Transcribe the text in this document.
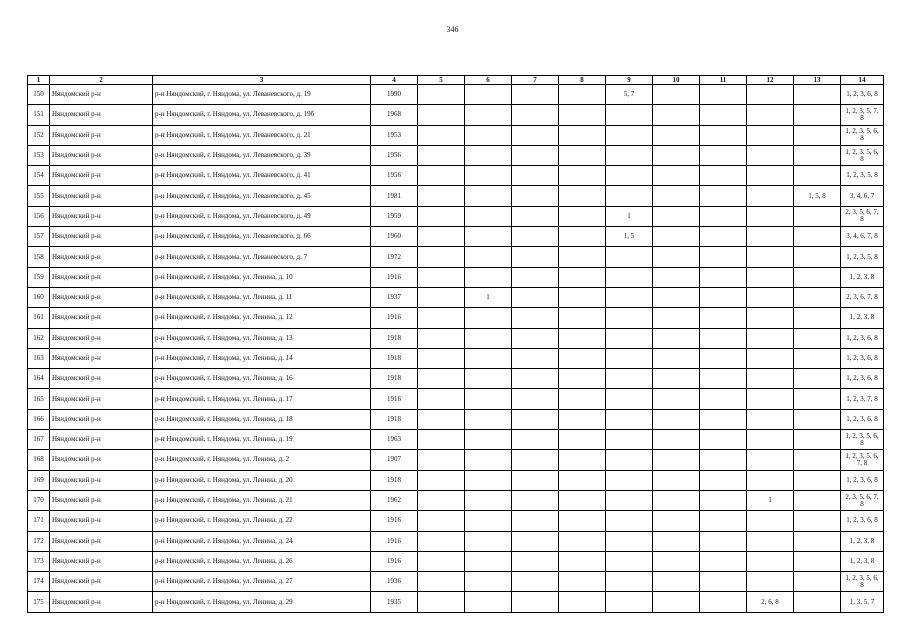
346
1	2	3	4	5	6	7	8	9	10	11	12	13	14
150	Няндомский р-н	р-н Няндомский, г. Няндома, ул. Леваневского, д. 19	1990					5, 7					1, 2, 3, 6, 8
151	Няндомский р-н	р-н Няндомский, г. Няндома, ул. Леваневского, д. 19б	1968										1, 2, 3, 5, 7, 8
152	Няндомский р-н	р-н Няндомский, г. Няндома, ул. Леваневского, д. 21	1953										1, 2, 3, 5, 6, 8
153	Няндомский р-н	р-н Няндомский, г. Няндома, ул. Леваневского, д. 39	1956										1, 2, 3, 5, 6, 8
154	Няндомский р-н	р-н Няндомский, г. Няндома, ул. Леваневского, д. 41	1956										1, 2, 3, 5, 8
155	Няндомский р-н	р-н Няндомский, г. Няндома, ул. Леваневского, д. 45	1981									1, 5, 8	3, 4, 6, 7
156	Няндомский р-н	р-н Няндомский, г. Няндома, ул. Леваневского, д. 49	1959					1					2, 3, 5, 6, 7, 8
157	Няндомский р-н	р-н Няндомский, г. Няндома, ул. Леваневского, д. 66	1960					1, 5					3, 4, 6, 7, 8
158	Няндомский р-н	р-н Няндомский, г. Няндома, ул. Леваневского, д. 7	1972										1, 2, 3, 5, 8
159	Няндомский р-н	р-н Няндомский, г. Няндома, ул. Ленина, д. 10	1916										1, 2, 3, 8
160	Няндомский р-н	р-н Няндомский, г. Няндома, ул. Ленина, д. 11	1937		1								2, 3, 6, 7, 8
161	Няндомский р-н	р-н Няндомский, г. Няндома, ул. Ленина, д. 12	1916										1, 2, 3, 8
162	Няндомский р-н	р-н Няндомский, г. Няндома, ул. Ленина, д. 13	1918										1, 2, 3, 6, 8
163	Няндомский р-н	р-н Няндомский, г. Няндома, ул. Ленина, д. 14	1918										1, 2, 3, 6, 8
164	Няндомский р-н	р-н Няндомский, г. Няндома, ул. Ленина, д. 16	1918										1, 2, 3, 6, 8
165	Няндомский р-н	р-н Няндомский, г. Няндома, ул. Ленина, д. 17	1916										1, 2, 3, 7, 8
166	Няндомский р-н	р-н Няндомский, г. Няндома, ул. Ленина, д. 18	1918										1, 2, 3, 6, 8
167	Няндомский р-н	р-н Няндомский, г. Няндома, ул. Ленина, д. 19	1963										1, 2, 3, 5, 6, 8
168	Няндомский р-н	р-н Няндомский, г. Няндома, ул. Ленина, д. 2	1907										1, 2, 3, 5, 6, 7, 8
169	Няндомский р-н	р-н Няндомский, г. Няндома, ул. Ленина, д. 20	1918										1, 2, 3, 6, 8
170	Няндомский р-н	р-н Няндомский, г. Няндома, ул. Ленина, д. 21	1962								1		2, 3, 5, 6, 7, 8
171	Няндомский р-н	р-н Няндомский, г. Няндома, ул. Ленина, д. 22	1916										1, 2, 3, 6, 8
172	Няндомский р-н	р-н Няндомский, г. Няндома, ул. Ленина, д. 24	1916										1, 2, 3, 8
173	Няндомский р-н	р-н Няндомский, г. Няндома, ул. Ленина, д. 26	1916										1, 2, 3, 8
174	Няндомский р-н	р-н Няндомский, г. Няндома, ул. Ленина, д. 27	1936										1, 2, 3, 5, 6, 8
175	Няндомский р-н	р-н Няндомский, г. Няндома, ул. Ленина, д. 29	1935								2, 6, 8		1, 3, 5, 7
